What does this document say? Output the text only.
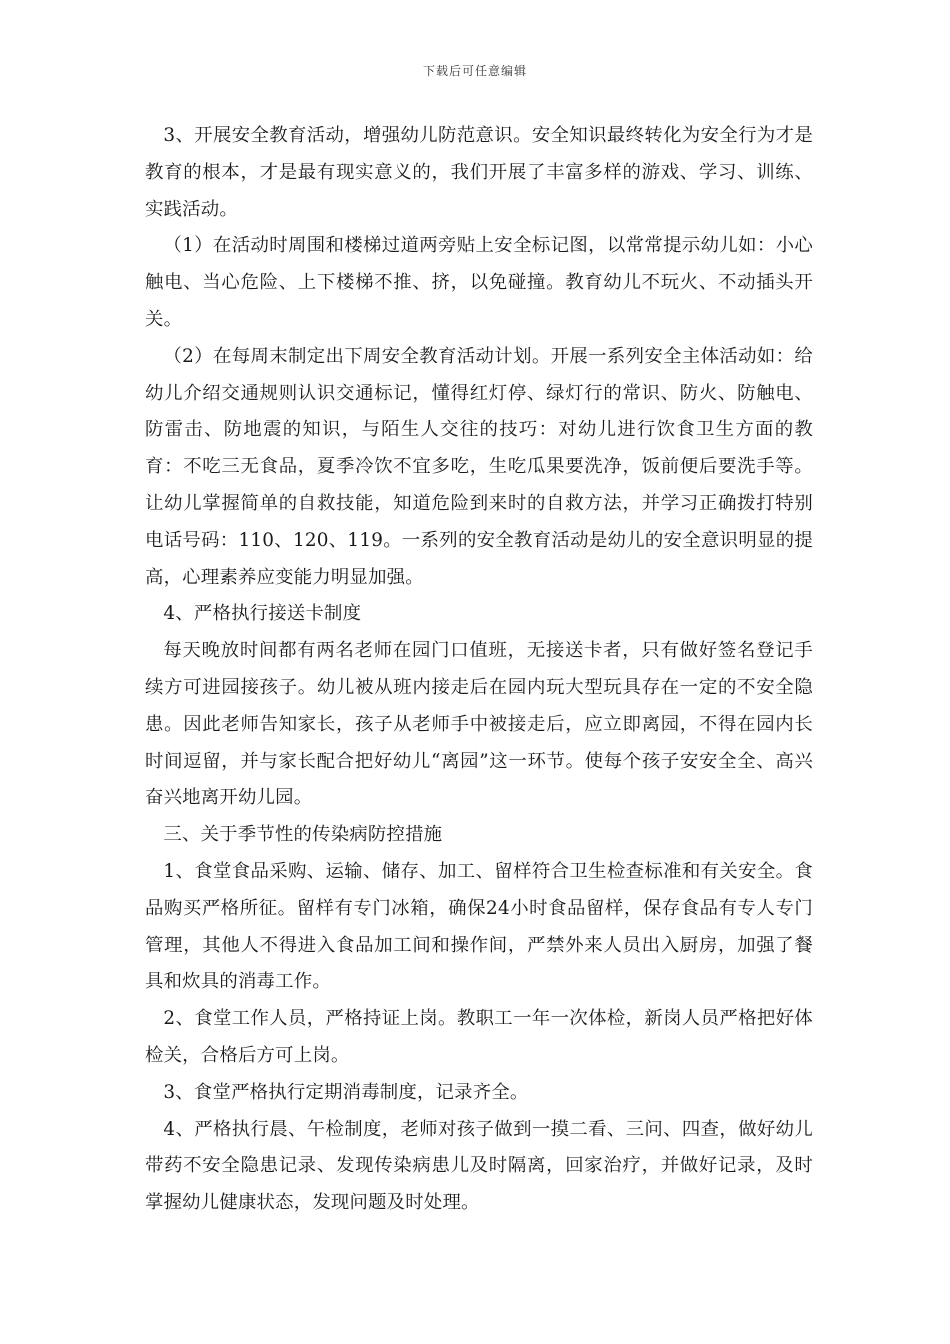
下载后可任意编辑

3、开展安全教育活动，增强幼儿防范意识。安全知识最终转化为安全行为才是教育的根本，才是最有现实意义的，我们开展了丰富多样的游戏、学习、训练、实践活动。

（1）在活动时周围和楼梯过道两旁贴上安全标记图，以常常提示幼儿如：小心触电、当心危险、上下楼梯不推、挤，以免碰撞。教育幼儿不玩火、不动插头开关。

（2）在每周末制定出下周安全教育活动计划。开展一系列安全主体活动如：给幼儿介绍交通规则认识交通标记，懂得红灯停、绿灯行的常识、防火、防触电、防雷击、防地震的知识，与陌生人交往的技巧：对幼儿进行饮食卫生方面的教育：不吃三无食品，夏季冷饮不宜多吃，生吃瓜果要洗净，饭前便后要洗手等。让幼儿掌握简单的自救技能，知道危险到来时的自救方法，并学习正确拨打特别电话号码：110、120、119。一系列的安全教育活动是幼儿的安全意识明显的提高，心理素养应变能力明显加强。

4、严格执行接送卡制度

每天晚放时间都有两名老师在园门口值班，无接送卡者，只有做好签名登记手续方可进园接孩子。幼儿被从班内接走后在园内玩大型玩具存在一定的不安全隐患。因此老师告知家长，孩子从老师手中被接走后，应立即离园，不得在园内长时间逗留，并与家长配合把好幼儿“离园”这一环节。使每个孩子安安全全、高兴奋兴地离开幼儿园。

三、关于季节性的传染病防控措施

1、食堂食品采购、运输、储存、加工、留样符合卫生检查标准和有关安全。食品购买严格所征。留样有专门冰箱，确保24小时食品留样，保存食品有专人专门管理，其他人不得进入食品加工间和操作间，严禁外来人员出入厨房，加强了餐具和炊具的消毒工作。

2、食堂工作人员，严格持证上岗。教职工一年一次体检，新岗人员严格把好体检关，合格后方可上岗。

3、食堂严格执行定期消毒制度，记录齐全。

4、严格执行晨、午检制度，老师对孩子做到一摸二看、三问、四查，做好幼儿带药不安全隐患记录、发现传染病患儿及时隔离，回家治疗，并做好记录，及时掌握幼儿健康状态，发现问题及时处理。
